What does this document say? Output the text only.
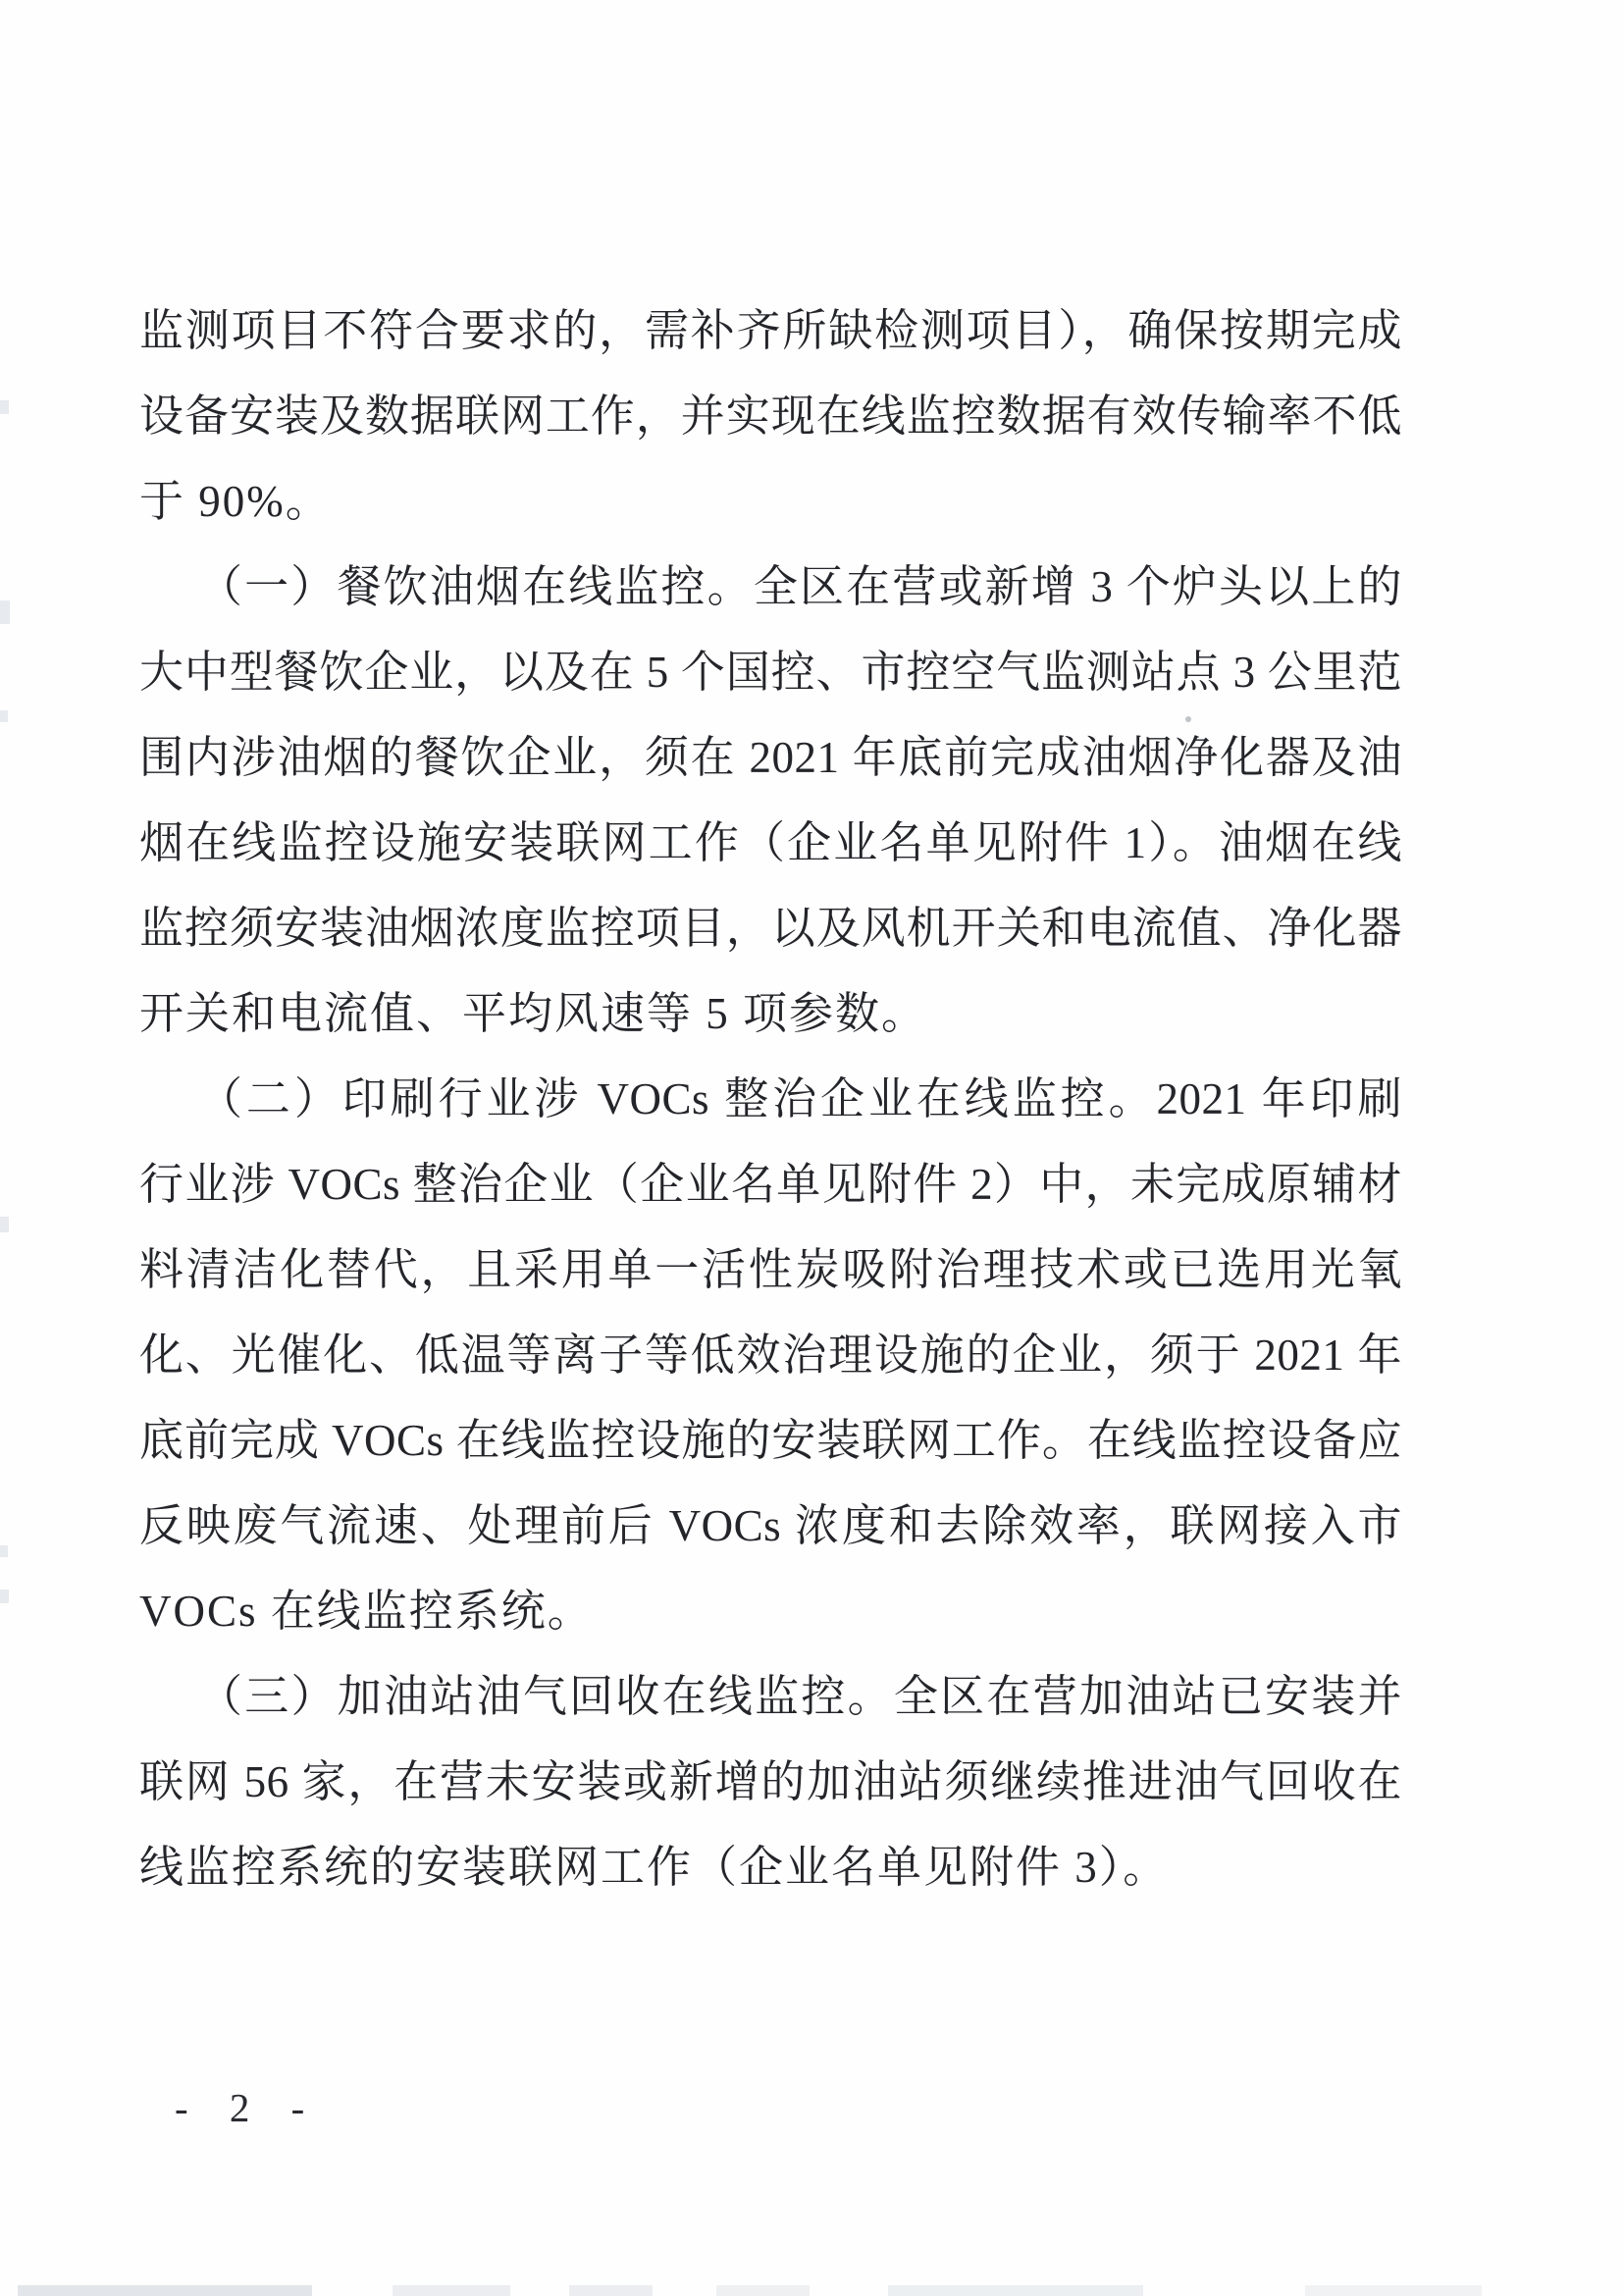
监测项目不符合要求的，需补齐所缺检测项目），确保按期完成
设备安装及数据联网工作，并实现在线监控数据有效传输率不低
于 90%。
（一）餐饮油烟在线监控。全区在营或新增 3 个炉头以上的
大中型餐饮企业，以及在 5 个国控、市控空气监测站点 3 公里范
围内涉油烟的餐饮企业，须在 2021 年底前完成油烟净化器及油
烟在线监控设施安装联网工作（企业名单见附件 1）。油烟在线
监控须安装油烟浓度监控项目，以及风机开关和电流值、净化器
开关和电流值、平均风速等 5 项参数。
（二）印刷行业涉 VOCs 整治企业在线监控。2021 年印刷
行业涉 VOCs 整治企业（企业名单见附件 2）中，未完成原辅材
料清洁化替代，且采用单一活性炭吸附治理技术或已选用光氧
化、光催化、低温等离子等低效治理设施的企业，须于 2021 年
底前完成 VOCs 在线监控设施的安装联网工作。在线监控设备应
反映废气流速、处理前后 VOCs 浓度和去除效率，联网接入市
VOCs 在线监控系统。
（三）加油站油气回收在线监控。全区在营加油站已安装并
联网 56 家，在营未安装或新增的加油站须继续推进油气回收在
线监控系统的安装联网工作（企业名单见附件 3）。
- 2 -
